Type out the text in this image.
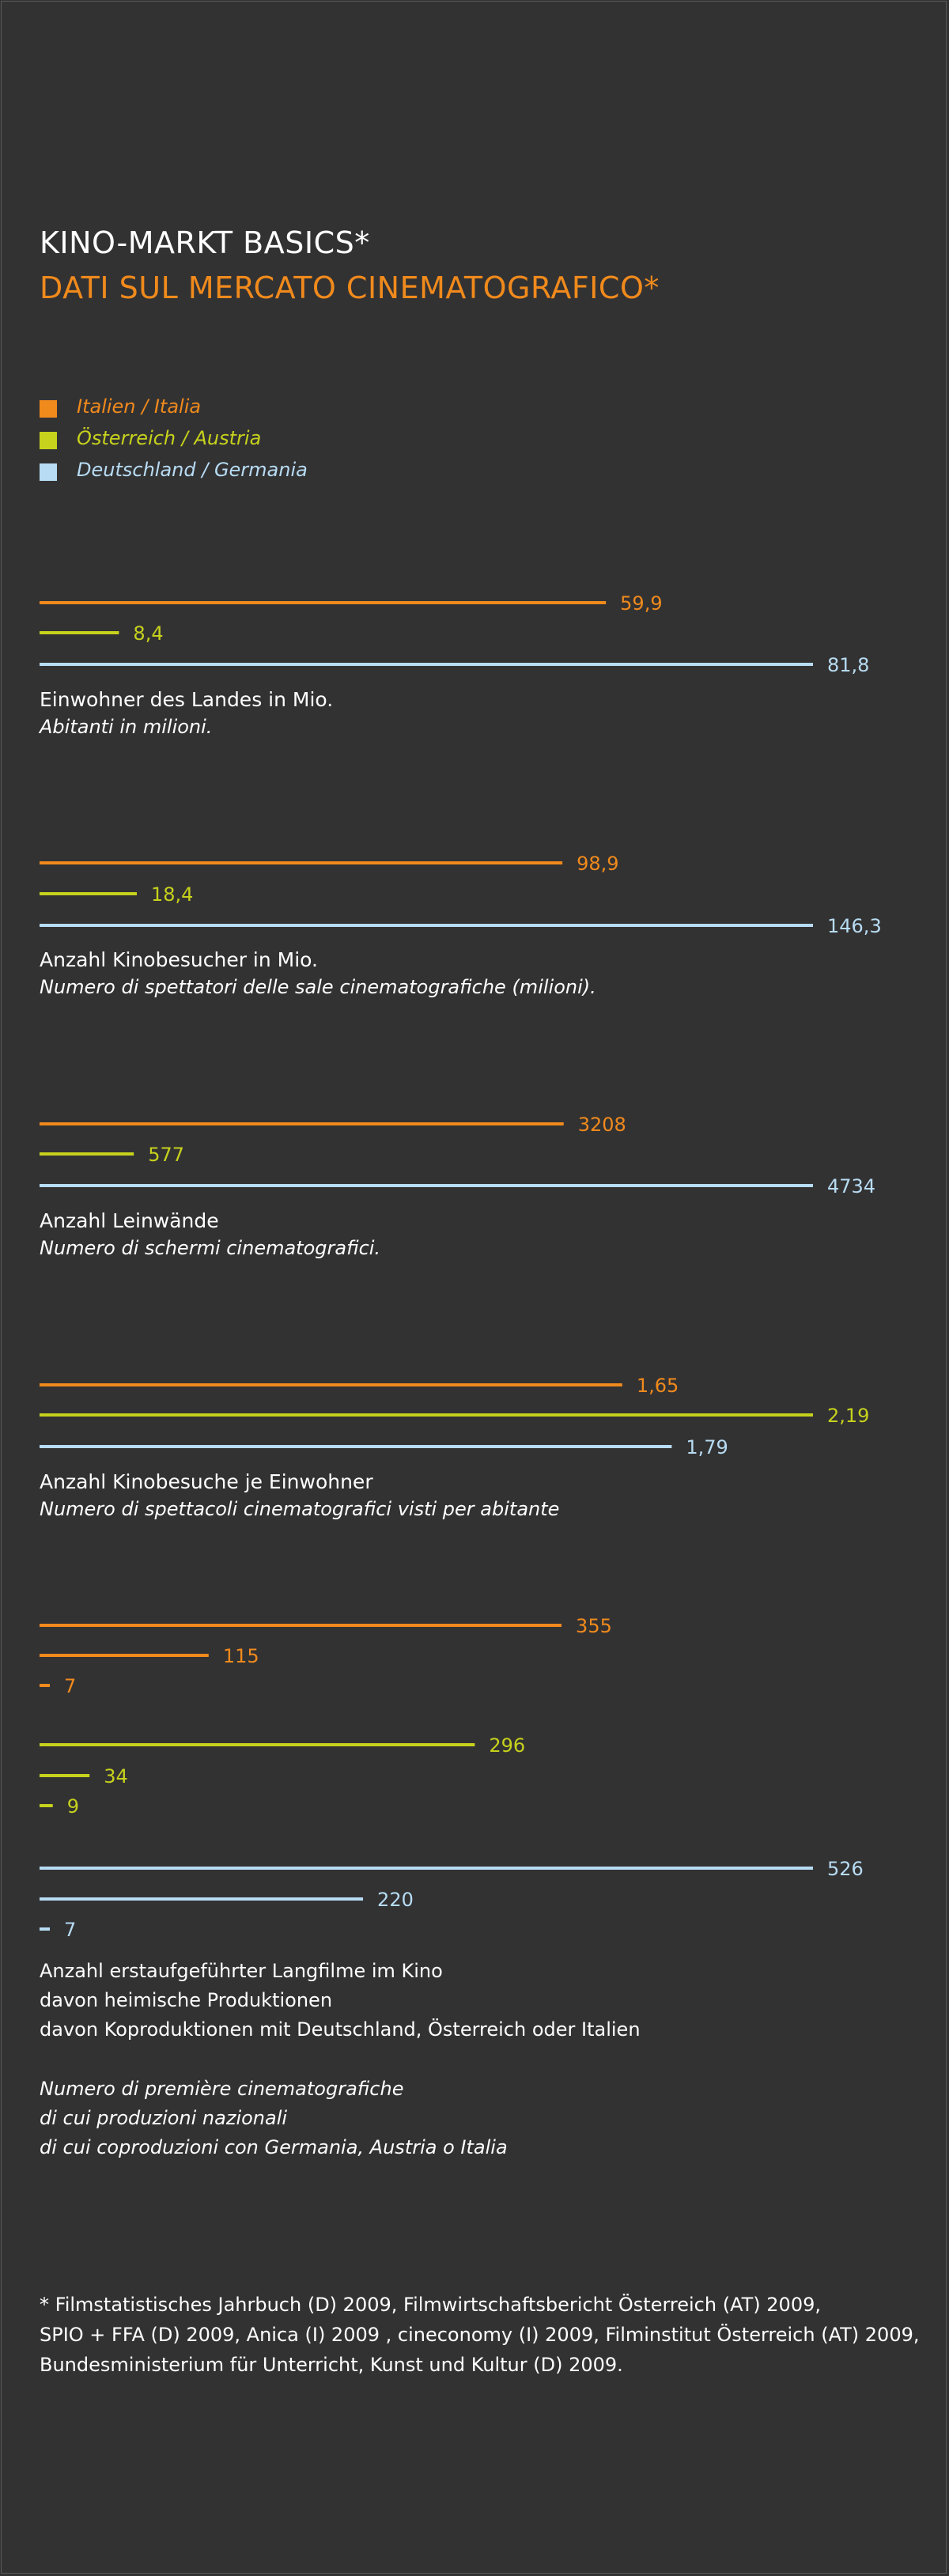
KINO-MARKT BASICS*
DATI SUL MERCATO CINEMATOGRAFICO*
Italien / Italia
Österreich / Austria
Deutschland / Germania
59,9
8,4
81,8
98,9
18,4
146,3
3208
577
4734
1,65
2,19
1,79
355
115
7
296
34
9
526
220
7
Einwohner des Landes in Mio.
Abitanti in milioni.
Anzahl Kinobesucher in Mio.
Numero di spettatori delle sale cinematografiche (milioni).
Anzahl Leinwände
Numero di schermi cinematografici.
Anzahl Kinobesuche je Einwohner
Numero di spettacoli cinematografici visti per abitante
Anzahl erstaufgeführter Langfilme im Kino
davon heimische Produktionen
davon Koproduktionen mit Deutschland, Österreich oder Italien
Numero di première cinematografiche
di cui produzioni nazionali
di cui coproduzioni con Germania, Austria o Italia
* Filmstatistisches Jahrbuch (D) 2009, Filmwirtschaftsbericht Österreich (AT) 2009,
SPIO + FFA (D) 2009, Anica (I) 2009 , cineconomy (I) 2009, Filminstitut Österreich (AT) 2009,
Bundesministerium für Unterricht, Kunst und Kultur (D) 2009.
